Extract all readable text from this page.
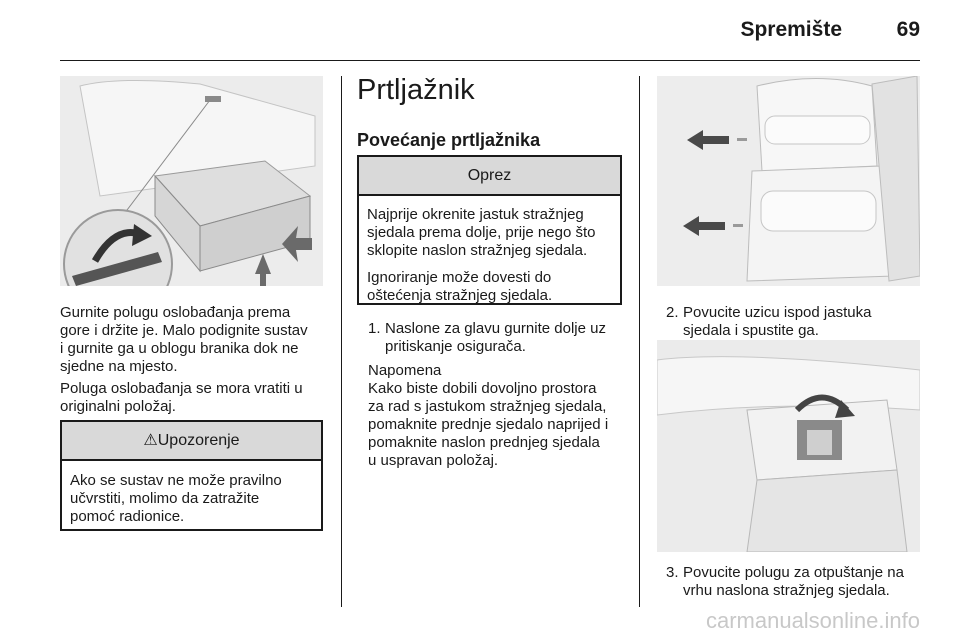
Spremište	69

Gurnite polugu oslobađanja prema

gore i držite je. Malo podignite sustav

i gurnite ga u oblogu branika dok ne

sjedne na mjesto.

Poluga oslobađanja se mora vratiti u

originalni položaj.

⚠Upozorenje
Ako se sustav ne može pravilno
učvrstiti, molimo da zatražite
pomoć radionice.
Prtljažnik
Povećanje prtljažnika
Oprez

Najprije okrenite jastuk stražnjeg
sjedala prema dolje, prije nego što
sklopite naslon stražnjeg sjedala.

Ignoriranje može dovesti do
oštećenja stražnjeg sjedala.

1. Naslone za glavu gurnite dolje uz
pritiskanje osigurača.

Napomena

Kako biste dobili dovoljno prostora

za rad s jastukom stražnjeg sjedala,

pomaknite prednje sjedalo naprijed i

pomaknite naslon prednjeg sjedala

u uspravan položaj.

2. Povucite uzicu ispod jastuka
sjedala i spustite ga.
3. Povucite polugu za otpuštanje na
vrhu naslona stražnjeg sjedala.
carmanualsonline.info
